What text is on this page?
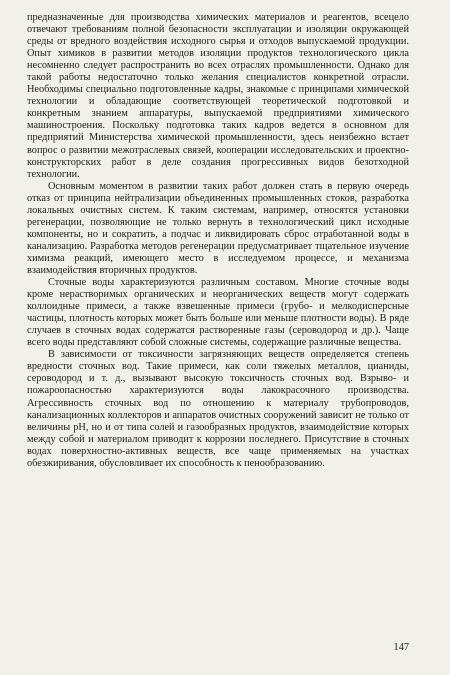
предназначенные для производства химических материалов и реагентов, всецело отвечают требованиям полной безопасности эксплуатации и изоляции окружающей среды от вредного воздействия исходного сырья и отходов выпускаемой продукции. Опыт химиков в развитии методов изоляции продуктов технологического цикла несомненно следует распространить во всех отраслях промышленности. Однако для такой работы недостаточно только желания специалистов конкретной отрасли. Необходимы специально подготовленные кадры, знакомые с принципами химической технологии и обладающие соответствующей теоретической подготовкой и конкретным знанием аппаратуры, выпускаемой предприятиями химического машиностроения. Поскольку подготовка таких кадров ведется в основном для предприятий Министерства химической промышленности, здесь неизбежно встает вопрос о развитии межотраслевых связей, кооперации исследовательских и проектно-конструкторских работ в деле создания прогрессивных видов безотходной технологии.

Основным моментом в развитии таких работ должен стать в первую очередь отказ от принципа нейтрализации объединенных промышленных стоков, разработка локальных очистных систем. К таким системам, например, относятся установки регенерации, позволяющие не только вернуть в технологический цикл исходные компоненты, но и сократить, а подчас и ликвидировать сброс отработанной воды в канализацию. Разработка методов регенерации предусматривает тщательное изучение химизма реакций, имеющего место в исследуемом процессе, и механизма взаимодействия вторичных продуктов.

Сточные воды характеризуются различным составом. Многие сточные воды кроме нерастворимых органических и неорганических веществ могут содержать коллоидные примеси, а также взвешенные примеси (грубо- и мелкодисперсные частицы, плотность которых может быть больше или меньше плотности воды). В ряде случаев в сточных водах содержатся растворенные газы (сероводород и др.). Чаще всего воды представляют собой сложные системы, содержащие различные вещества.

В зависимости от токсичности загрязняющих веществ определяется степень вредности сточных вод. Такие примеси, как соли тяжелых металлов, цианиды, сероводород и т. д., вызывают высокую токсичность сточных вод. Взрыво- и пожароопасностью характеризуются воды лакокрасочного производства. Агрессивность сточных вод по отношению к материалу трубопроводов, канализационных коллекторов и аппаратов очистных сооружений зависит не только от величины pH, но и от типа солей и газообразных продуктов, взаимодействие которых между собой и материалом приводит к коррозии последнего. Присутствие в сточных водах поверхностно-активных веществ, все чаще применяемых на участках обезжиривания, обусловливает их способность к пенообразованию.

147
